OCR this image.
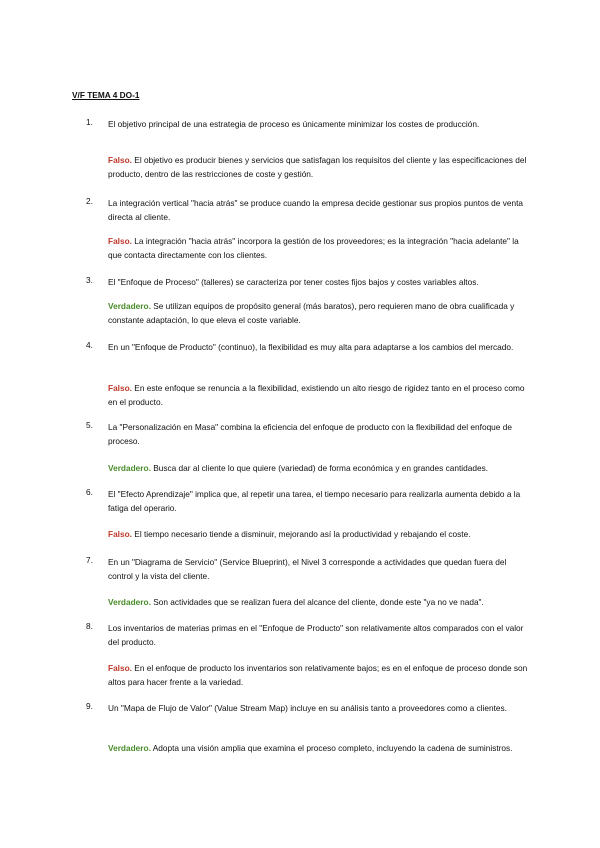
V/F TEMA 4 DO-1
1. El objetivo principal de una estrategia de proceso es únicamente minimizar los costes de producción.
Falso. El objetivo es producir bienes y servicios que satisfagan los requisitos del cliente y las especificaciones del producto, dentro de las restricciones de coste y gestión.
2. La integración vertical "hacia atrás" se produce cuando la empresa decide gestionar sus propios puntos de venta directa al cliente.
Falso. La integración "hacia atrás" incorpora la gestión de los proveedores; es la integración "hacia adelante" la que contacta directamente con los clientes.
3. El "Enfoque de Proceso" (talleres) se caracteriza por tener costes fijos bajos y costes variables altos.
Verdadero. Se utilizan equipos de propósito general (más baratos), pero requieren mano de obra cualificada y constante adaptación, lo que eleva el coste variable.
4. En un "Enfoque de Producto" (continuo), la flexibilidad es muy alta para adaptarse a los cambios del mercado.
Falso. En este enfoque se renuncia a la flexibilidad, existiendo un alto riesgo de rigidez tanto en el proceso como en el producto.
5. La "Personalización en Masa" combina la eficiencia del enfoque de producto con la flexibilidad del enfoque de proceso.
Verdadero. Busca dar al cliente lo que quiere (variedad) de forma económica y en grandes cantidades.
6. El "Efecto Aprendizaje" implica que, al repetir una tarea, el tiempo necesario para realizarla aumenta debido a la fatiga del operario.
Falso. El tiempo necesario tiende a disminuir, mejorando así la productividad y rebajando el coste.
7. En un "Diagrama de Servicio" (Service Blueprint), el Nivel 3 corresponde a actividades que quedan fuera del control y la vista del cliente.
Verdadero. Son actividades que se realizan fuera del alcance del cliente, donde este "ya no ve nada".
8. Los inventarios de materias primas en el "Enfoque de Producto" son relativamente altos comparados con el valor del producto.
Falso. En el enfoque de producto los inventarios son relativamente bajos; es en el enfoque de proceso donde son altos para hacer frente a la variedad.
9. Un "Mapa de Flujo de Valor" (Value Stream Map) incluye en su análisis tanto a proveedores como a clientes.
Verdadero. Adopta una visión amplia que examina el proceso completo, incluyendo la cadena de suministros.
